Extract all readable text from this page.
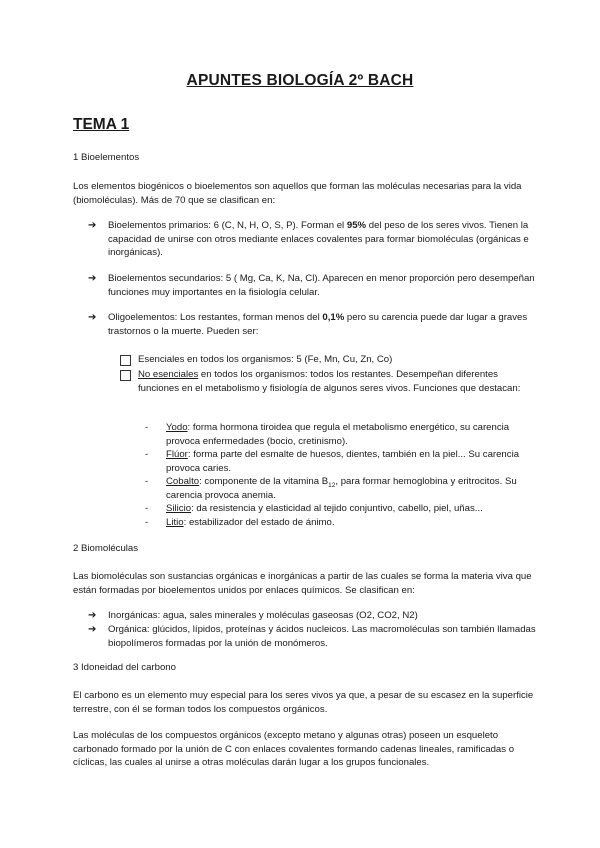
APUNTES BIOLOGÍA 2º BACH
TEMA 1
1 Bioelementos
Los elementos biogénicos o bioelementos son aquellos que forman las moléculas necesarias para la vida (biomoléculas). Más de 70 que se clasifican en:
➔ Bioelementos primarios: 6 (C, N, H, O, S, P). Forman el 95% del peso de los seres vivos. Tienen la capacidad de unirse con otros mediante enlaces covalentes para formar biomoléculas (orgánicas e inorgánicas).
➔ Bioelementos secundarios: 5 ( Mg, Ca, K, Na, Cl). Aparecen en menor proporción pero desempeñan funciones muy importantes en la fisiología celular.
➔ Oligoelementos: Los restantes, forman menos del 0,1% pero su carencia puede dar lugar a graves trastornos o la muerte. Pueden ser:
Esenciales en todos los organismos: 5 (Fe, Mn, Cu, Zn, Co)
No esenciales en todos los organismos: todos los restantes. Desempeñan diferentes funciones en el metabolismo y fisiología de algunos seres vivos. Funciones que destacan:
- Yodo: forma hormona tiroidea que regula el metabolismo energético, su carencia provoca enfermedades (bocio, cretinismo).
- Flúor: forma parte del esmalte de huesos, dientes, también en la piel... Su carencia provoca caries.
- Cobalto: componente de la vitamina $B_{12}$, para formar hemoglobina y eritrocitos. Su carencia provoca anemia.
- Silicio: da resistencia y elasticidad al tejido conjuntivo, cabello, piel, uñas...
- Litio: estabilizador del estado de ánimo.
2 Biomoléculas
Las biomoléculas son sustancias orgánicas e inorgánicas a partir de las cuales se forma la materia viva que están formadas por bioelementos unidos por enlaces químicos. Se clasifican en:
➔ Inorgánicas: agua, sales minerales y moléculas gaseosas (O2, CO2, N2)
➔ Orgánica: glúcidos, lípidos, proteínas y ácidos nucleicos. Las macromoléculas son también llamadas biopolímeros formadas por la unión de monómeros.
3 Idoneidad del carbono
El carbono es un elemento muy especial para los seres vivos ya que, a pesar de su escasez en la superficie terrestre, con él se forman todos los compuestos orgánicos.
Las moléculas de los compuestos orgánicos (excepto metano y algunas otras) poseen un esqueleto carbonado formado por la unión de C con enlaces covalentes formando cadenas lineales, ramificadas o cíclicas, las cuales al unirse a otras moléculas darán lugar a los grupos funcionales.
